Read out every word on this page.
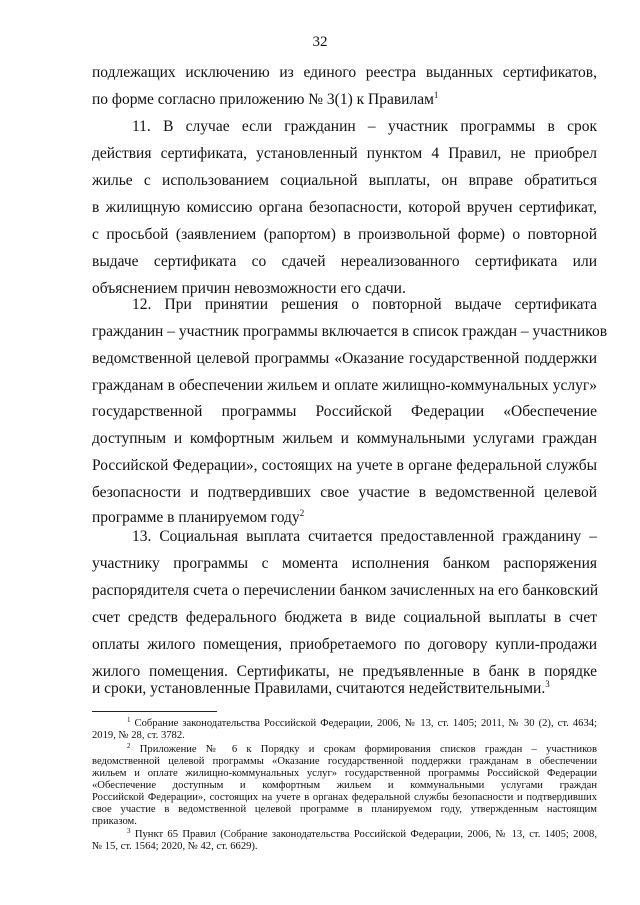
32
подлежащих исключению из единого реестра выданных сертификатов,
по форме согласно приложению № 3(1) к Правилам$^1$
11. В случае если гражданин – участник программы в срок
действия сертификата, установленный пунктом 4 Правил, не приобрел
жилье с использованием социальной выплаты, он вправе обратиться
в жилищную комиссию органа безопасности, которой вручен сертификат,
с просьбой (заявлением (рапортом) в произвольной форме) о повторной
выдаче сертификата со сдачей нереализованного сертификата или
объяснением причин невозможности его сдачи.
12. При принятии решения о повторной выдаче сертификата
гражданин – участник программы включается в список граждан – участников
ведомственной целевой программы «Оказание государственной поддержки
гражданам в обеспечении жильем и оплате жилищно-коммунальных услуг»
государственной программы Российской Федерации «Обеспечение
доступным и комфортным жильем и коммунальными услугами граждан
Российской Федерации», состоящих на учете в органе федеральной службы
безопасности и подтвердивших свое участие в ведомственной целевой
программе в планируемом году$^2$
13. Социальная выплата считается предоставленной гражданину –
участнику программы с момента исполнения банком распоряжения
распорядителя счета о перечислении банком зачисленных на его банковский
счет средств федерального бюджета в виде социальной выплаты в счет
оплаты жилого помещения, приобретаемого по договору купли-продажи
жилого помещения. Сертификаты, не предъявленные в банк в порядке
и сроки, установленные Правилами, считаются недействительными.$^3$
$^1$ Собрание законодательства Российской Федерации, 2006, № 13, ст. 1405; 2011, № 30 (2), ст. 4634;
2019, № 28, ст. 3782.
$^2$ Приложение № 6 к Порядку и срокам формирования списков граждан – участников
ведомственной целевой программы «Оказание государственной поддержки гражданам в обеспечении
жильем и оплате жилищно-коммунальных услуг» государственной программы Российской Федерации
«Обеспечение доступным и комфортным жильем и коммунальными услугами граждан
Российской Федерации», состоящих на учете в органах федеральной службы безопасности и подтвердивших
свое участие в ведомственной целевой программе в планируемом году, утвержденным настоящим
приказом.
$^3$ Пункт 65 Правил (Собрание законодательства Российской Федерации, 2006, № 13, ст. 1405; 2008,
№ 15, ст. 1564; 2020, № 42, ст. 6629).
